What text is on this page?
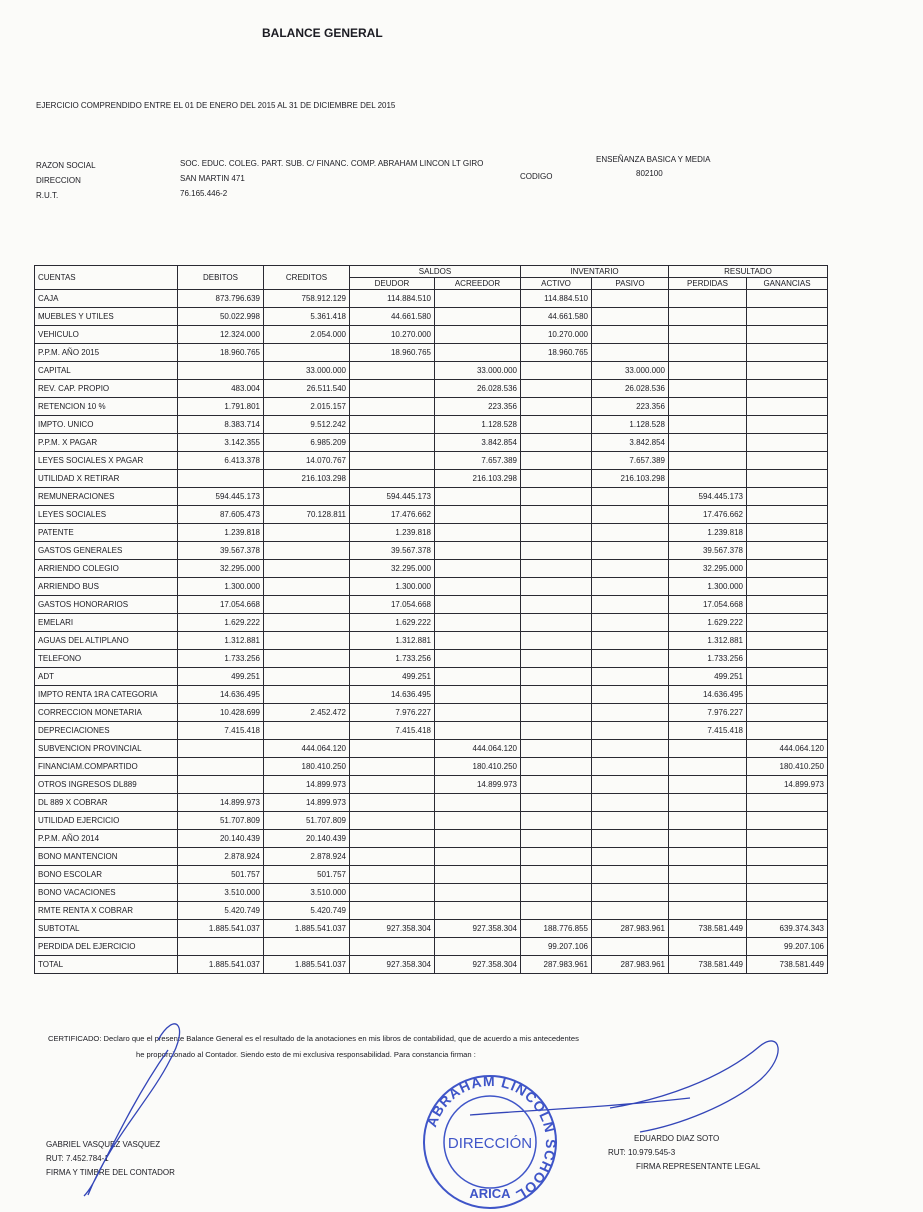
BALANCE GENERAL
EJERCICIO COMPRENDIDO ENTRE EL 01 DE ENERO DEL 2015 AL 31 DE DICIEMBRE DEL 2015
RAZON SOCIAL	SOC. EDUC. COLEG. PART. SUB. C/ FINANC. COMP. ABRAHAM LINCON LT GIRO	ENSEÑANZA BASICA Y MEDIA
DIRECCION	SAN MARTIN 471	CODIGO	802100
R.U.T.	76.165.446-2
CUENTAS	DEBITOS	CREDITOS	SALDOS		INVENTARIO		RESULTADO	
			DEUDOR	ACREEDOR	ACTIVO	PASIVO	PERDIDAS	GANANCIAS
CAJA	873.796.639	758.912.129	114.884.510		114.884.510			
MUEBLES Y UTILES	50.022.998	5.361.418	44.661.580		44.661.580			
VEHICULO	12.324.000	2.054.000	10.270.000		10.270.000			
P.P.M. AÑO 2015	18.960.765		18.960.765		18.960.765			
CAPITAL		33.000.000		33.000.000		33.000.000		
REV. CAP. PROPIO	483.004	26.511.540		26.028.536		26.028.536		
RETENCION 10 %	1.791.801	2.015.157		223.356		223.356		
IMPTO. UNICO	8.383.714	9.512.242		1.128.528		1.128.528		
P.P.M. X PAGAR	3.142.355	6.985.209		3.842.854		3.842.854		
LEYES SOCIALES X PAGAR	6.413.378	14.070.767		7.657.389		7.657.389		
UTILIDAD X RETIRAR		216.103.298		216.103.298		216.103.298		
REMUNERACIONES	594.445.173		594.445.173				594.445.173	
LEYES SOCIALES	87.605.473	70.128.811	17.476.662				17.476.662	
PATENTE	1.239.818		1.239.818				1.239.818	
GASTOS GENERALES	39.567.378		39.567.378				39.567.378	
ARRIENDO COLEGIO	32.295.000		32.295.000				32.295.000	
ARRIENDO BUS	1.300.000		1.300.000				1.300.000	
GASTOS HONORARIOS	17.054.668		17.054.668				17.054.668	
EMELARI	1.629.222		1.629.222				1.629.222	
AGUAS DEL ALTIPLANO	1.312.881		1.312.881				1.312.881	
TELEFONO	1.733.256		1.733.256				1.733.256	
ADT	499.251		499.251				499.251	
IMPTO RENTA 1RA CATEGORIA	14.636.495		14.636.495				14.636.495	
CORRECCION MONETARIA	10.428.699	2.452.472	7.976.227				7.976.227	
DEPRECIACIONES	7.415.418		7.415.418				7.415.418	
SUBVENCION PROVINCIAL		444.064.120		444.064.120				444.064.120
FINANCIAM.COMPARTIDO		180.410.250		180.410.250				180.410.250
OTROS INGRESOS DL889		14.899.973		14.899.973				14.899.973
DL 889 X COBRAR	14.899.973	14.899.973						
UTILIDAD EJERCICIO	51.707.809	51.707.809						
P.P.M. AÑO 2014	20.140.439	20.140.439						
BONO MANTENCION	2.878.924	2.878.924						
BONO ESCOLAR	501.757	501.757						
BONO VACACIONES	3.510.000	3.510.000						
RMTE RENTA X COBRAR	5.420.749	5.420.749						
SUBTOTAL	1.885.541.037	1.885.541.037	927.358.304	927.358.304	188.776.855	287.983.961	738.581.449	639.374.343
PERDIDA DEL EJERCICIO					99.207.106			99.207.106
TOTAL	1.885.541.037	1.885.541.037	927.358.304	927.358.304	287.983.961	287.983.961	738.581.449	738.581.449
CERTIFICADO: Declaro que el presente Balance General es el resultado de la anotaciones en mis libros de contabilidad, que de acuerdo a mis antecedentes
he proporcionado al Contador. Siendo esto de mi exclusiva responsabilidad. Para constancia firman :
GABRIEL VASQUEZ VASQUEZ
RUT: 7.452.784-1
FIRMA Y TIMBRE DEL CONTADOR
EDUARDO DIAZ SOTO
RUT: 10.979.545-3
FIRMA REPRESENTANTE LEGAL
ABRAHAM LINCOLN SCHOOL
DIRECCIÓN
ARICA
